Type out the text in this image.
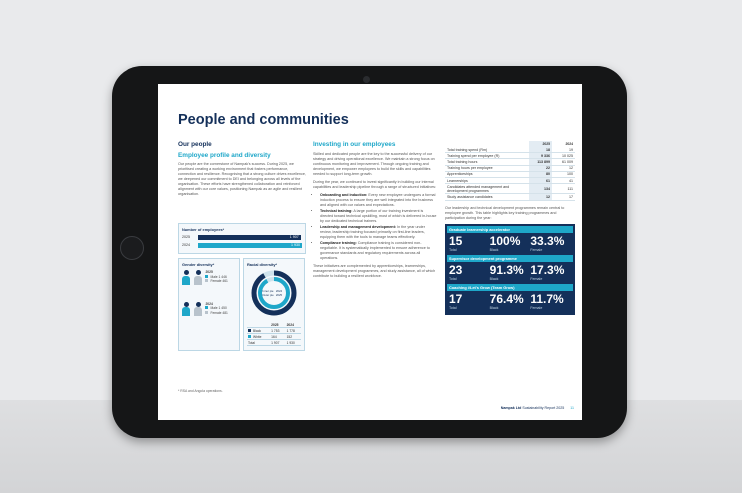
People and communities
Our people
Employee profile and diversity

Our people are the cornerstone of Nampak's success. During 2025, we prioritised creating a working environment that fosters performance, connection and resilience. Recognising that a strong culture drives excellence, we deepened our commitment to DEI and belonging across all levels of the organisation. These efforts have strengthened collaboration and reinforced alignment with our core values, positioning Nampak as an agile and resilient organisation.

Number of employees*
2025	1 907
2024	1 930
Gender diversity*

2025
Male 1 446
Female 461

2024
Male 1 450
Female 481
Racial diversity*
Inner pie
Outer pie
2024
2025
	2025	2024
Black	1 753	1 778
White	164	152
Total	1 907	1 930
Investing in our employees

Skilled and dedicated people are the key to the successful delivery of our strategy and driving operational excellence. We maintain a strong focus on continuous monitoring and improvement. Through ongoing training and development, we empower employees to build the skills and capabilities needed to support long-term growth.

During the year, we continued to invest significantly in building our internal capabilities and leadership pipeline through a range of structured initiatives:

• Onboarding and induction: Every new employee undergoes a formal induction process to ensure they are well integrated into the business and aligned with our values and expectations.
• Technical training: A large portion of our training investment is directed toward technical upskilling, most of which is delivered in-house by our dedicated technical trainers.
• Leadership and management development: In the year under review, leadership training focused primarily on first-line leaders, equipping them with the tools to manage teams effectively.
• Compliance training: Compliance training is considered non-negotiable. It is systematically implemented to ensure adherence to governance standards and regulatory requirements across all operations.

These initiatives are complemented by apprenticeships, learnerships, management development programmes, and study assistance, all of which contribute to building a resilient workforce.

	2025	2024
Total training spend (Rm)	18	19
Training spend per employee (R)	9 336	10 025
Total training hours	113 899	61 009
Training hours per employee	22	12
Apprenticeships	80	100
Learnerships	61	41
Candidates attended management and development programmes	134	111
Study assistance candidates	12	17

Our leadership and technical development programmes remain central to employee growth. This table highlights key training programmes and participation during the year:

Graduate learnership accelerator
15
Total
100%
Black
33.3%
Female
Supervisor development programme
23
Total
91.3%
Black
17.3%
Female
Coaching #Let's Grow (Team Grow)
17
Total
76.4%
Black
11.7%
Female
* RSA and Angola operations.
Nampak Ltd Sustainability Report 2025 11
